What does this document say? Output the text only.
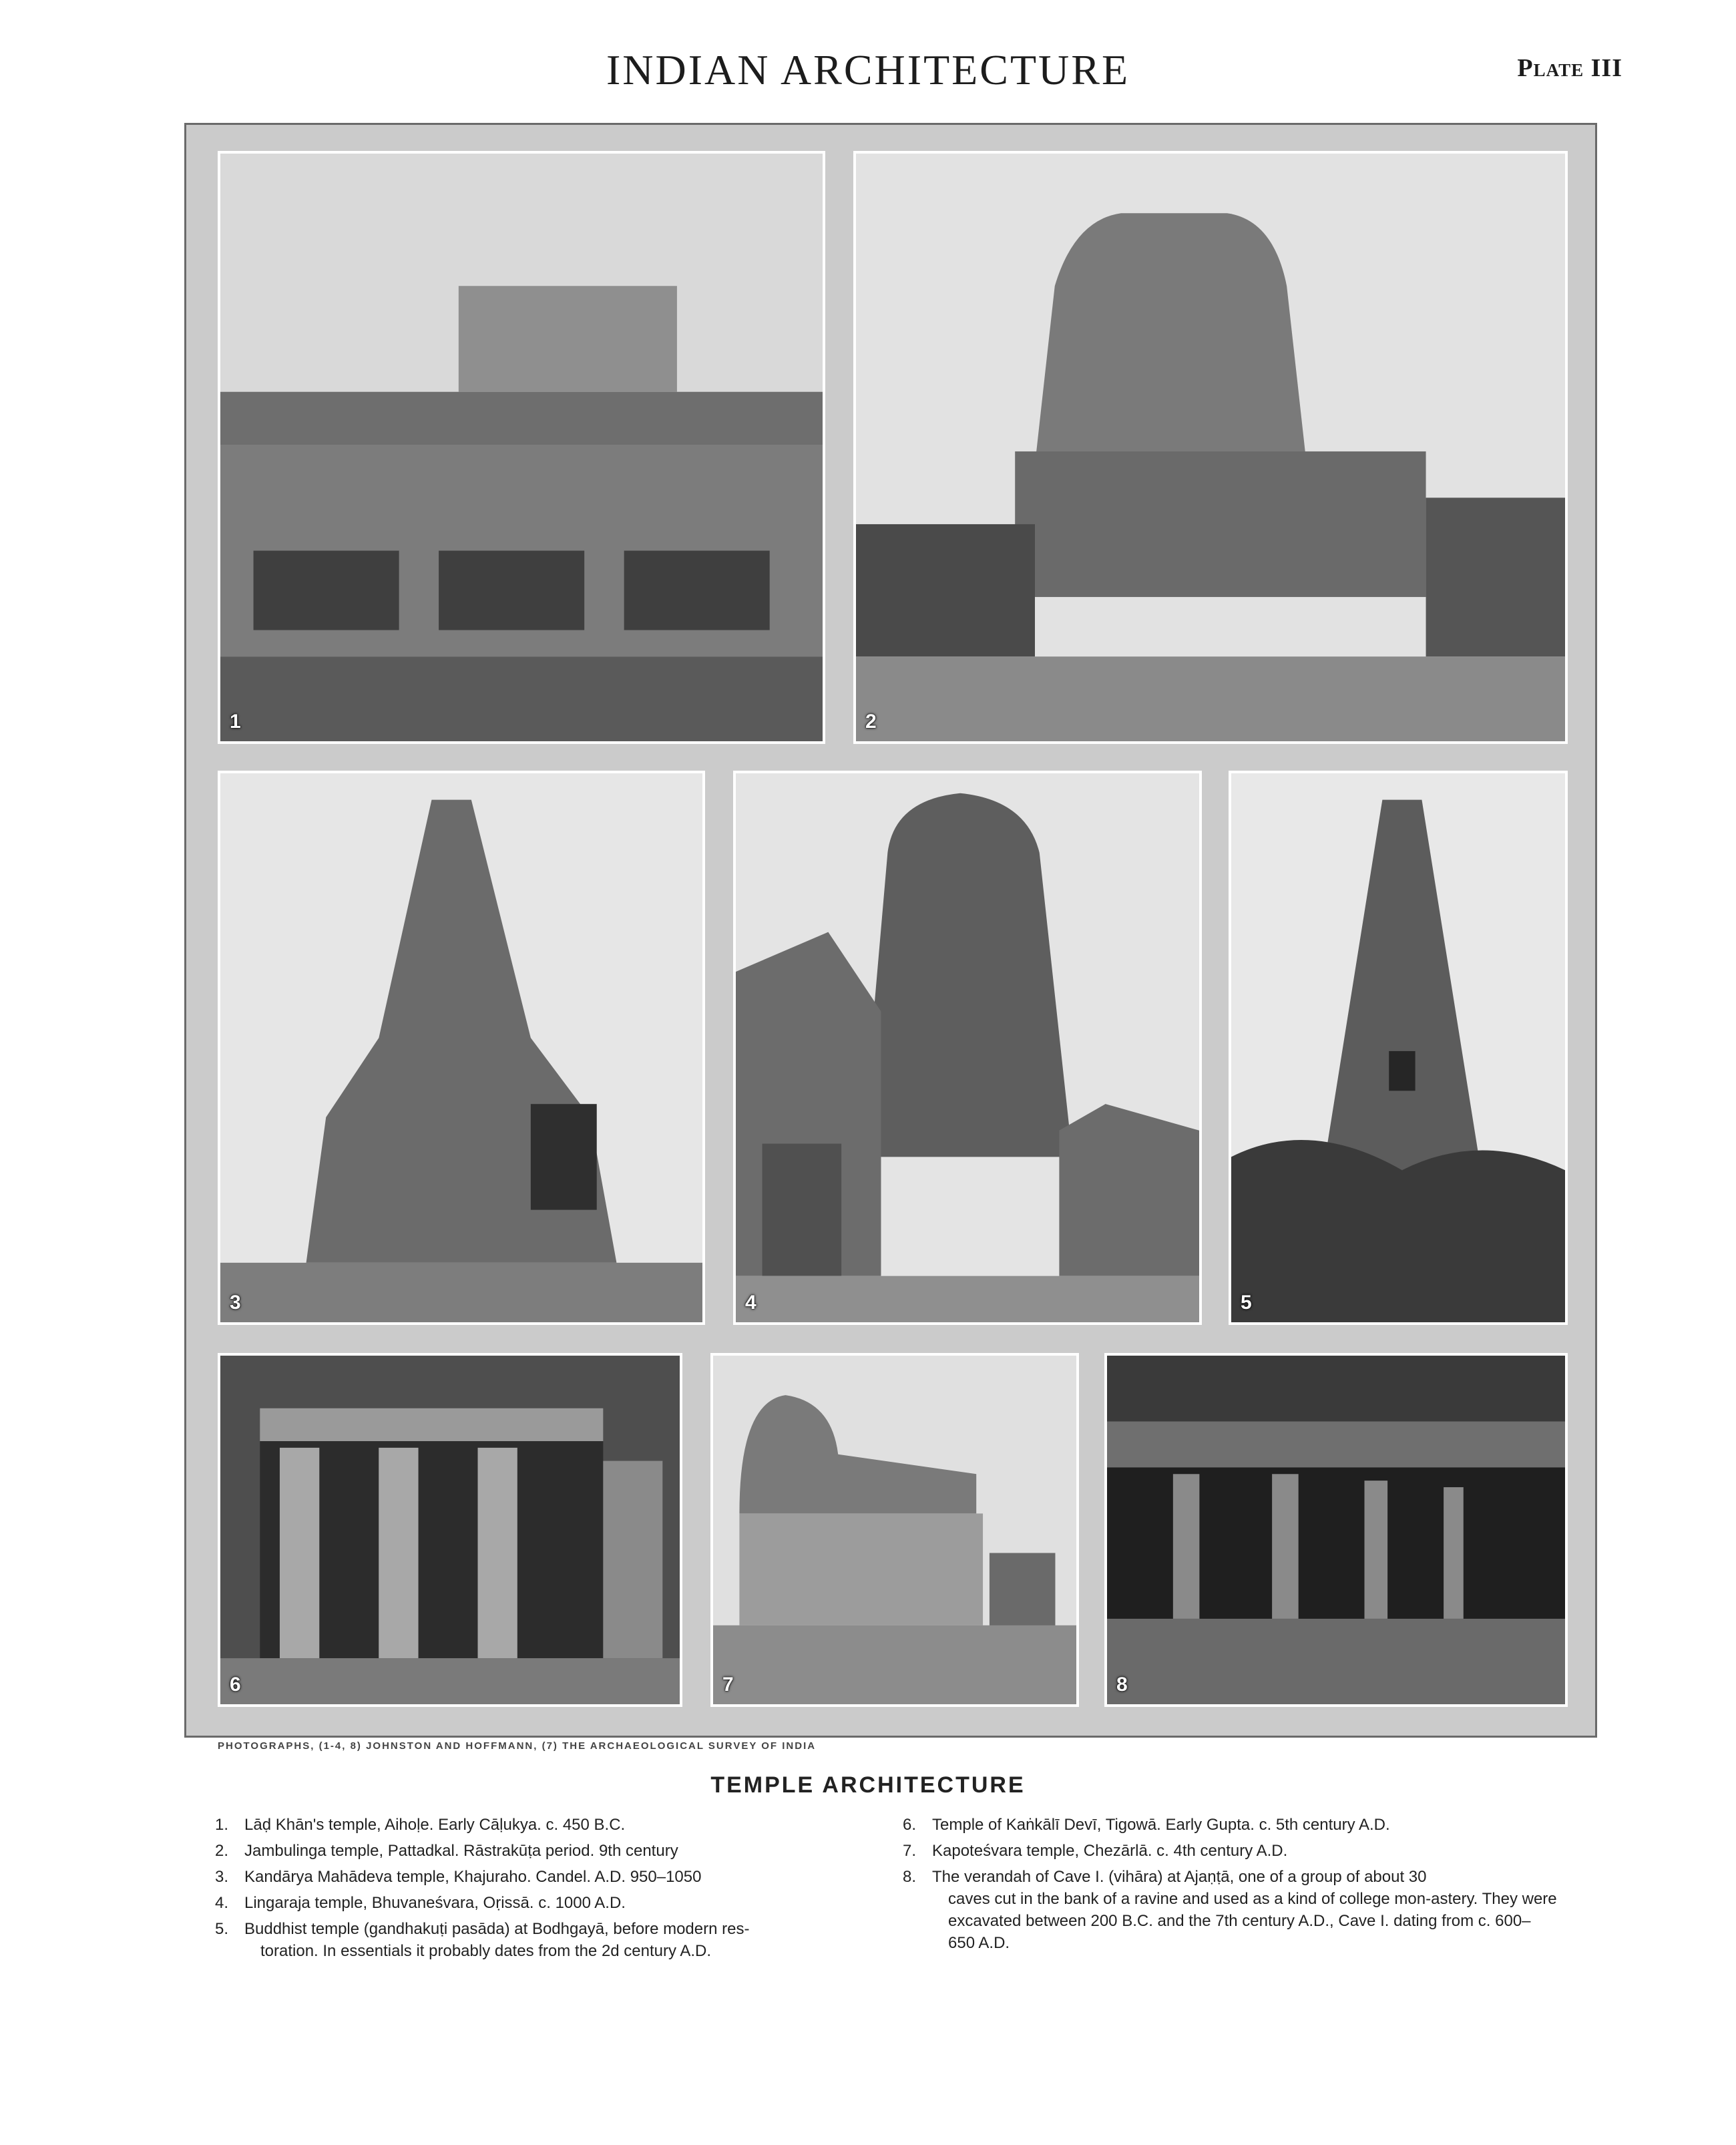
INDIAN ARCHITECTURE	Plate III
1	2
3	4	5
6	7	8
PHOTOGRAPHS, (1-4, 8) JOHNSTON AND HOFFMANN, (7) THE ARCHAEOLOGICAL SURVEY OF INDIA
TEMPLE ARCHITECTURE
1. Lāḍ Khān's temple, Aihoḷe. Early Cāḷukya. c. 450 B.C.
2. Jambulinga temple, Pattadkal. Rāstrakūṭa period. 9th century
3. Kandārya Mahādeva temple, Khajuraho. Candel. A.D. 950–1050
4. Lingaraja temple, Bhuvaneśvara, Oṛissā. c. 1000 A.D.
5. Buddhist temple (gandhakuṭi pasāda) at Bodhgayā, before modern res-
toration. In essentials it probably dates from the 2d century A.D.
6. Temple of Kaṅkālī Devī, Tigowā. Early Gupta. c. 5th century A.D.
7. Kapoteśvara temple, Chezārlā. c. 4th century A.D.
8. The verandah of Cave I. (vihāra) at Ajaṇṭā, one of a group of about 30
caves cut in the bank of a ravine and used as a kind of college mon-astery. They were excavated between 200 B.C. and the 7th century A.D., Cave I. dating from c. 600–650 A.D.
